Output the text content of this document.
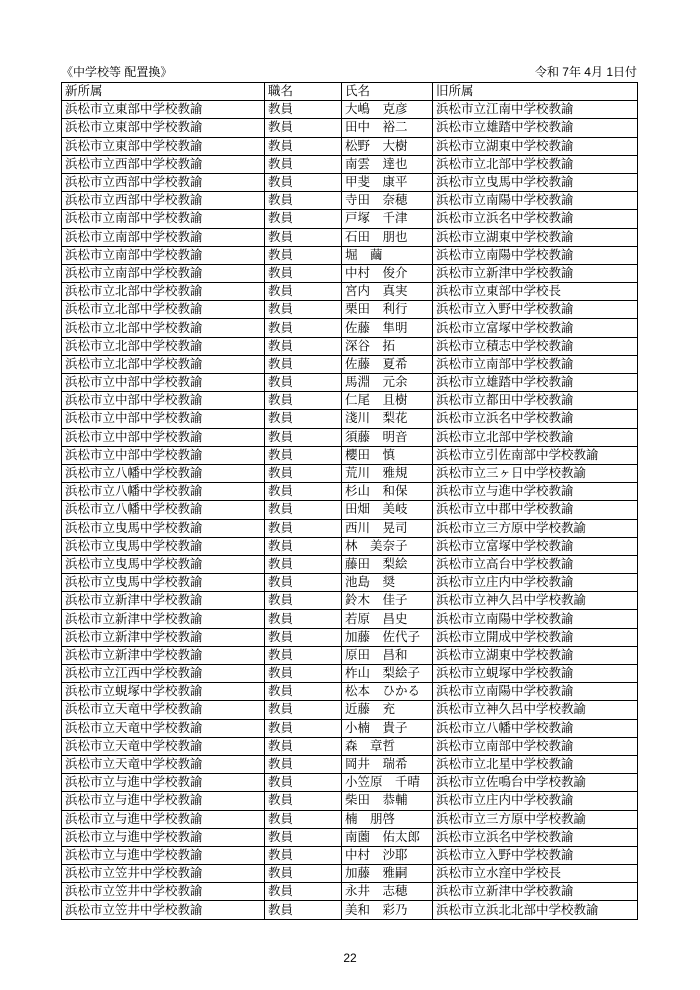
《中学校等 配置換》	令和 7年 4月 1日付
新所属	職名	氏名	旧所属
浜松市立東部中学校教諭	教員	大嶋　克彦	浜松市立江南中学校教諭
浜松市立東部中学校教諭	教員	田中　裕二	浜松市立雄踏中学校教諭
浜松市立東部中学校教諭	教員	松野　大樹	浜松市立湖東中学校教諭
浜松市立西部中学校教諭	教員	南雲　達也	浜松市立北部中学校教諭
浜松市立西部中学校教諭	教員	甲斐　康平	浜松市立曳馬中学校教諭
浜松市立西部中学校教諭	教員	寺田　奈穂	浜松市立南陽中学校教諭
浜松市立南部中学校教諭	教員	戸塚　千津	浜松市立浜名中学校教諭
浜松市立南部中学校教諭	教員	石田　朋也	浜松市立湖東中学校教諭
浜松市立南部中学校教諭	教員	堀　繭	浜松市立南陽中学校教諭
浜松市立南部中学校教諭	教員	中村　俊介	浜松市立新津中学校教諭
浜松市立北部中学校教諭	教員	宮内　真実	浜松市立東部中学校長
浜松市立北部中学校教諭	教員	栗田　利行	浜松市立入野中学校教諭
浜松市立北部中学校教諭	教員	佐藤　隼明	浜松市立富塚中学校教諭
浜松市立北部中学校教諭	教員	深谷　拓	浜松市立積志中学校教諭
浜松市立北部中学校教諭	教員	佐藤　夏希	浜松市立南部中学校教諭
浜松市立中部中学校教諭	教員	馬淵　元余	浜松市立雄踏中学校教諭
浜松市立中部中学校教諭	教員	仁尾　且樹	浜松市立都田中学校教諭
浜松市立中部中学校教諭	教員	淺川　梨花	浜松市立浜名中学校教諭
浜松市立中部中学校教諭	教員	須藤　明音	浜松市立北部中学校教諭
浜松市立中部中学校教諭	教員	櫻田　慎	浜松市立引佐南部中学校教諭
浜松市立八幡中学校教諭	教員	荒川　雅規	浜松市立三ヶ日中学校教諭
浜松市立八幡中学校教諭	教員	杉山　和保	浜松市立与進中学校教諭
浜松市立八幡中学校教諭	教員	田畑　美岐	浜松市立中郡中学校教諭
浜松市立曳馬中学校教諭	教員	西川　晃司	浜松市立三方原中学校教諭
浜松市立曳馬中学校教諭	教員	林　美奈子	浜松市立富塚中学校教諭
浜松市立曳馬中学校教諭	教員	藤田　梨絵	浜松市立高台中学校教諭
浜松市立曳馬中学校教諭	教員	池島　奨	浜松市立庄内中学校教諭
浜松市立新津中学校教諭	教員	鈴木　佳子	浜松市立神久呂中学校教諭
浜松市立新津中学校教諭	教員	若原　昌史	浜松市立南陽中学校教諭
浜松市立新津中学校教諭	教員	加藤　佐代子	浜松市立開成中学校教諭
浜松市立新津中学校教諭	教員	原田　昌和	浜松市立湖東中学校教諭
浜松市立江西中学校教諭	教員	柞山　梨絵子	浜松市立蜆塚中学校教諭
浜松市立蜆塚中学校教諭	教員	松本　ひかる	浜松市立南陽中学校教諭
浜松市立天竜中学校教諭	教員	近藤　充	浜松市立神久呂中学校教諭
浜松市立天竜中学校教諭	教員	小楠　貴子	浜松市立八幡中学校教諭
浜松市立天竜中学校教諭	教員	森　章哲	浜松市立南部中学校教諭
浜松市立天竜中学校教諭	教員	岡井　瑞希	浜松市立北星中学校教諭
浜松市立与進中学校教諭	教員	小笠原　千晴	浜松市立佐鳴台中学校教諭
浜松市立与進中学校教諭	教員	柴田　恭輔	浜松市立庄内中学校教諭
浜松市立与進中学校教諭	教員	楠　朋啓	浜松市立三方原中学校教諭
浜松市立与進中学校教諭	教員	南薗　佑太郎	浜松市立浜名中学校教諭
浜松市立与進中学校教諭	教員	中村　沙耶	浜松市立入野中学校教諭
浜松市立笠井中学校教諭	教員	加藤　雅嗣	浜松市立水窪中学校長
浜松市立笠井中学校教諭	教員	永井　志穂	浜松市立新津中学校教諭
浜松市立笠井中学校教諭	教員	美和　彩乃	浜松市立浜北北部中学校教諭
22
